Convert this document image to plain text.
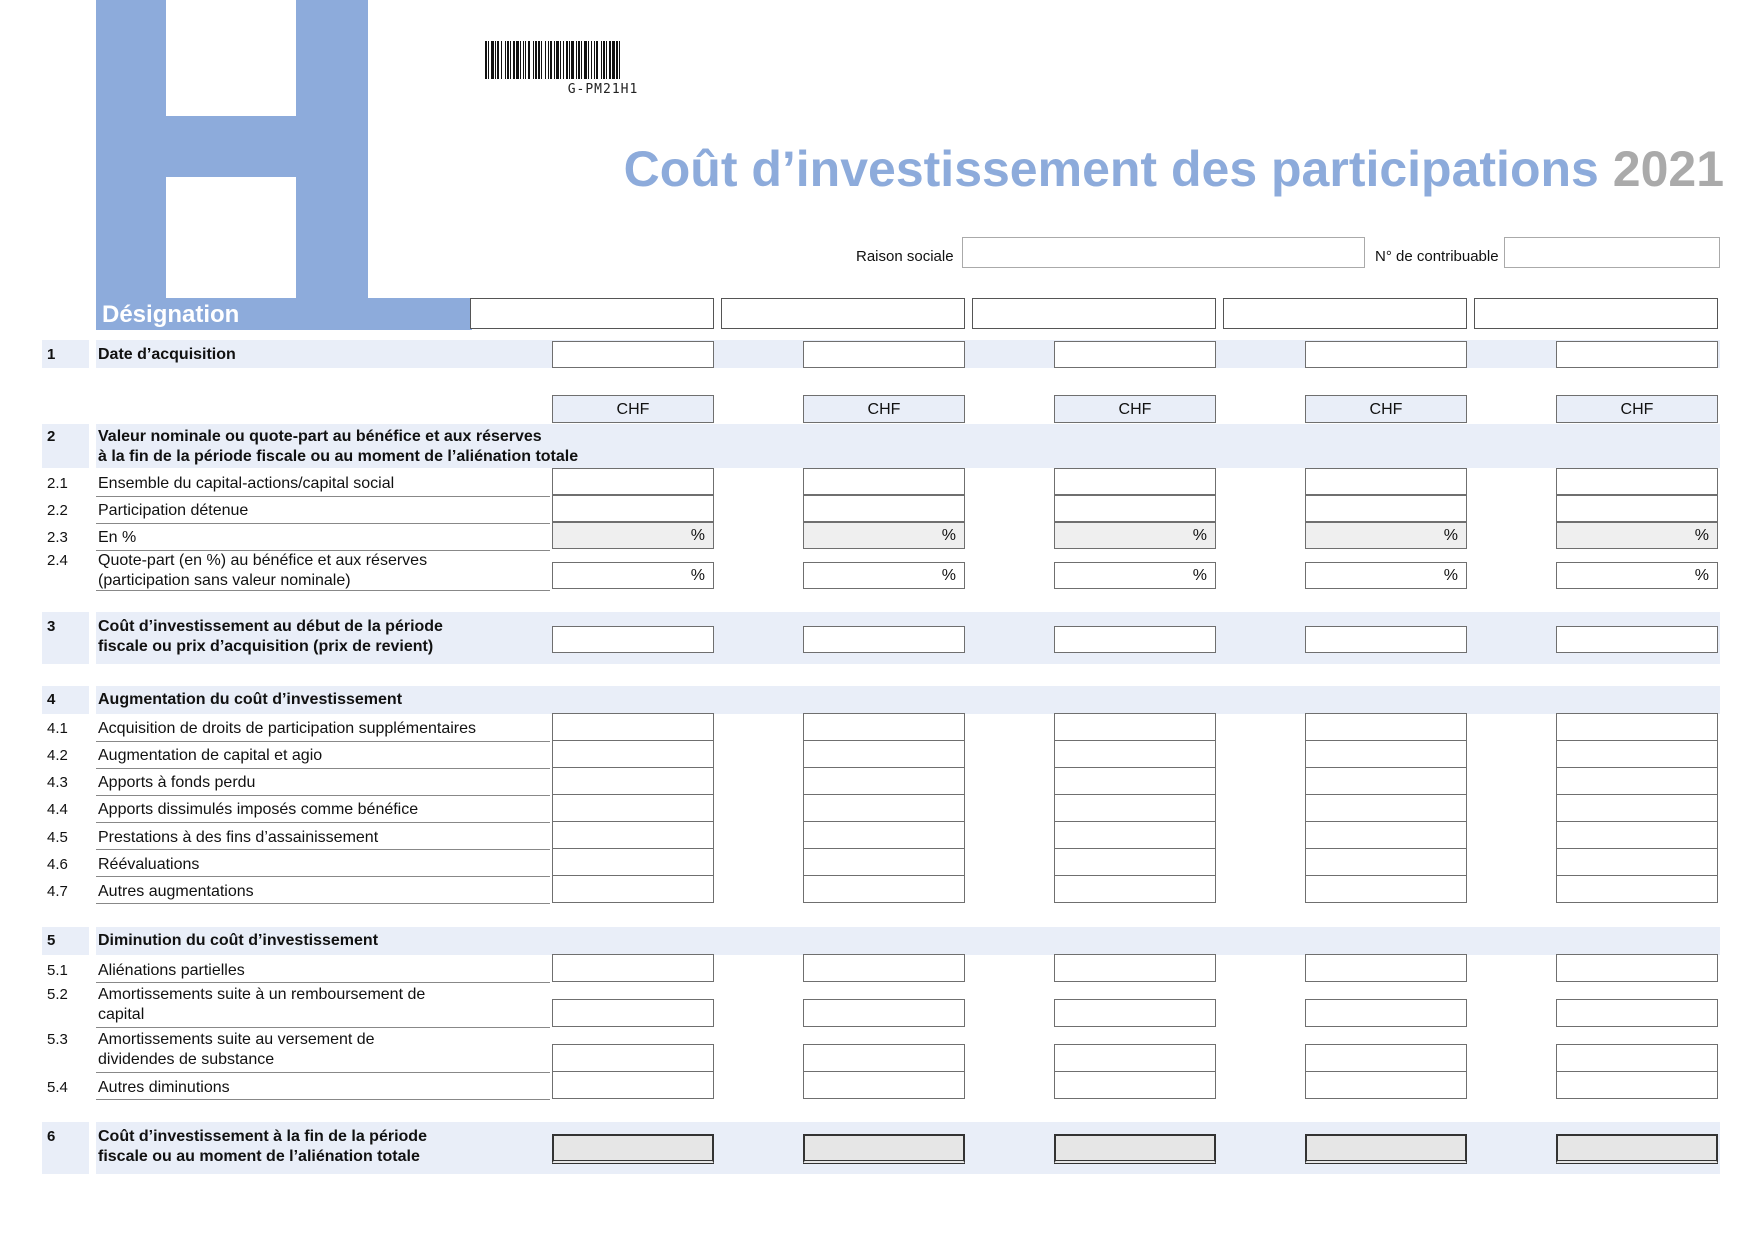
G-PM21H1
Coût d’investissement des participations 2021
Raison sociale	N° de contribuable
Désignation
1	Date d’acquisition
2	Valeur nominale ou quote-part au bénéfice et aux réserves
à la fin de la période fiscale ou au moment de l’aliénation totale
CHF	CHF	CHF	CHF	CHF
2.1 Ensemble du capital-actions/capital social
2.2 Participation détenue
2.3 En %	%	%	%	%	%
2.4 Quote-part (en %) au bénéfice et aux réserves
(participation sans valeur nominale)	%	%	%	%	%
3	Coût d’investissement au début de la période
fiscale ou prix d’acquisition (prix de revient)
4	Augmentation du coût d’investissement
4.1 Acquisition de droits de participation supplémentaires
4.2 Augmentation de capital et agio
4.3 Apports à fonds perdu
4.4 Apports dissimulés imposés comme bénéfice
4.5 Prestations à des fins d’assainissement
4.6 Réévaluations
4.7 Autres augmentations
5	Diminution du coût d’investissement
5.1 Aliénations partielles
5.2 Amortissements suite à un remboursement de
capital
5.3 Amortissements suite au versement de
dividendes de substance
5.4 Autres diminutions
6	Coût d’investissement à la fin de la période
fiscale ou au moment de l’aliénation totale
